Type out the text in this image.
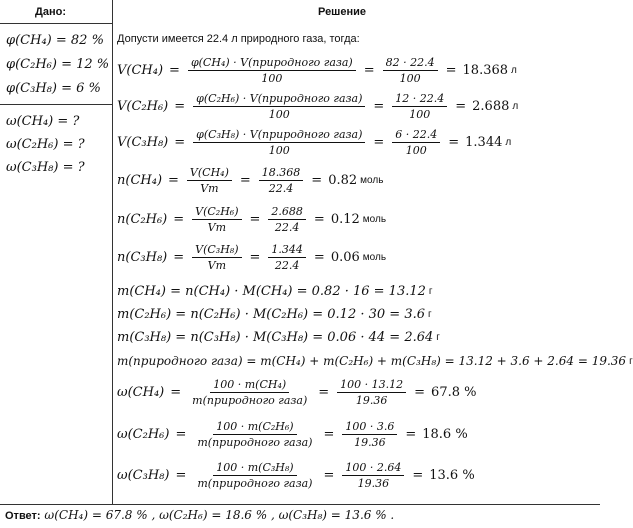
Дано:	Решение
φ(CH₄) = 82 %
φ(C₂H₆) = 12 %
φ(C₃H₈) = 6 %
ω(CH₄) = ?
ω(C₂H₆) = ?
ω(C₃H₈) = ?
Допусти имеется 22.4 л природного газа, тогда:
V(CH₄) =
φ(CH₄) · V(природного газа)
100
= $\frac{82 \cdot 22.4}{100} = 18.368$ л
V(C₂H₆) =
φ(C₂H₆) · V(природного газа)
100
= $\frac{12 \cdot 22.4}{100} = 2.688$ л
V(C₃H₈) =
φ(C₃H₈) · V(природного газа)
100
= $\frac{6 \cdot 22.4}{100} = 1.344$ л
$n(CH_4) = \frac{\text{V(CH₄)}}{Vm} = \frac{18.368}{22.4} = 0.82$ моль
$n(C_2H_6) = \frac{\text{V(C₂H₆)}}{Vm} = \frac{2.688}{22.4} = 0.12$ моль
$n(C_3H_8) = \frac{\text{V(C₃H₈)}}{Vm} = \frac{1.344}{22.4} = 0.06$ моль
m(CH₄) = n(CH₄) · M(CH₄) = 0.82 · 16 = 13.12 г
m(C₂H₆) = n(C₂H₆) · M(C₂H₆) = 0.12 · 30 = 3.6 г
m(C₃H₈) = n(C₃H₈) · M(C₃H₈) = 0.06 · 44 = 2.64 г
m(природного газа) = m(CH₄) + m(C₂H₆) + m(C₃H₈) = 13.12 + 3.6 + 2.64 = 19.36 г
ω(CH₄) =
100 · m(CH₄)
m(природного газа)
= $\frac{100 \cdot 13.12}{19.36} = 67.8$ %
ω(C₂H₆) =
100 · m(C₂H₆)
m(природного газа)
= $\frac{100 \cdot 3.6}{19.36} = 18.6$ %
ω(C₃H₈) =
100 · m(C₃H₈)
m(природного газа)
= $\frac{100 \cdot 2.64}{19.36} = 13.6$ %
Ответ: ω(CH₄) = 67.8 % , ω(C₂H₆) = 18.6 % , ω(C₃H₈) = 13.6 % .
